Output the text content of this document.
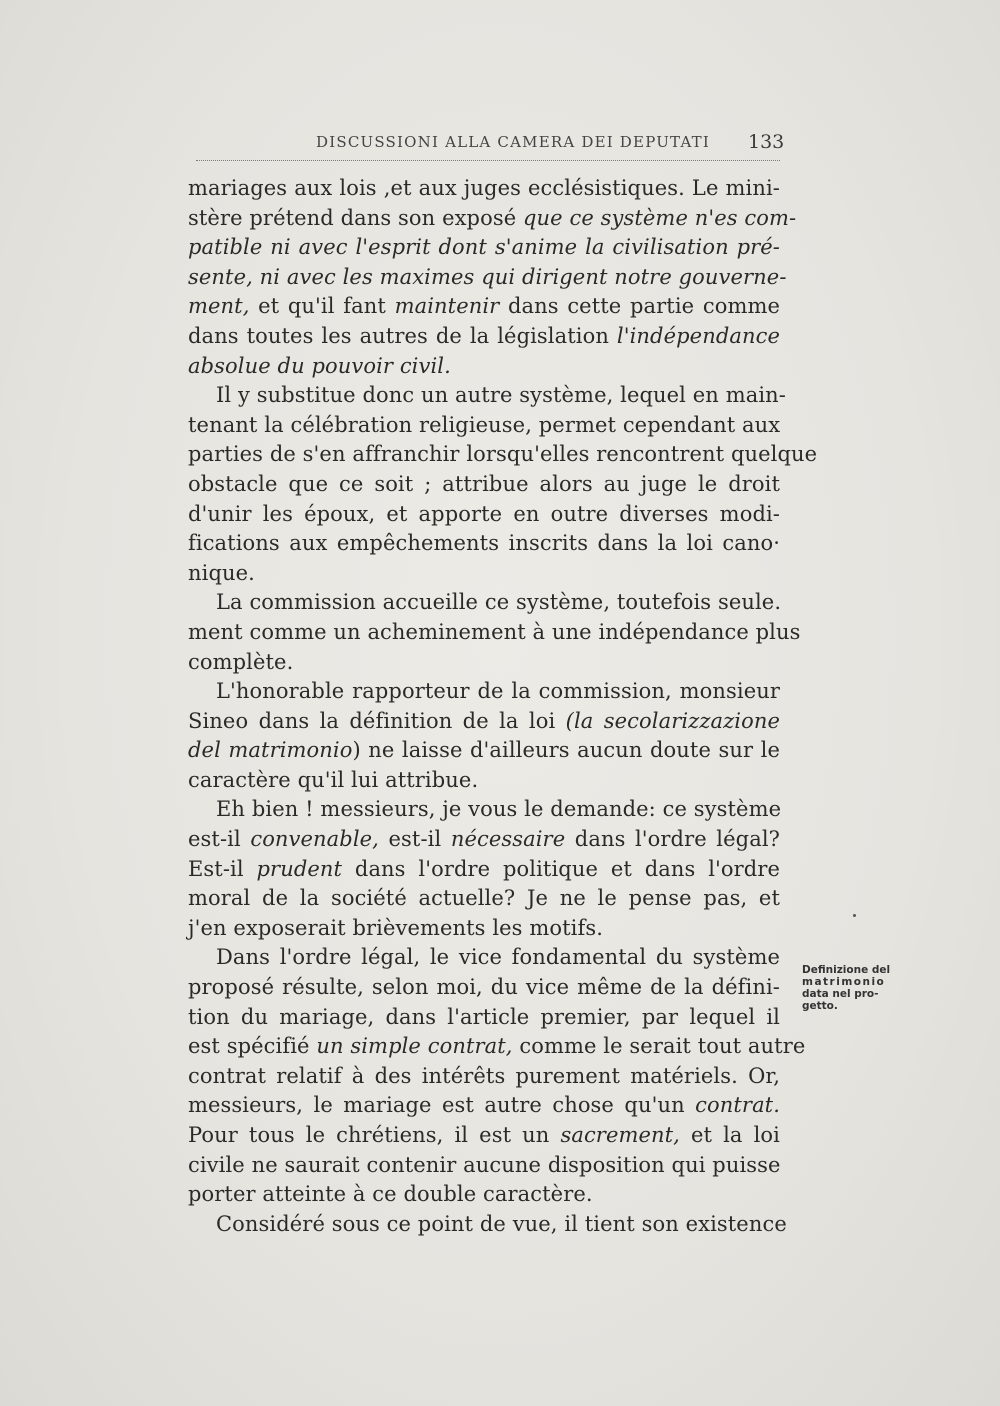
DISCUSSIONI ALLA CAMERA DEI DEPUTATI 133
mariages aux lois ,et aux juges ecclésistiques. Le mini-
stère prétend dans son exposé que ce système n'es com-
patible ni avec l'esprit dont s'anime la civilisation pré-
sente, ni avec les maximes qui dirigent notre gouverne-
ment, et qu'il fant maintenir dans cette partie comme
dans toutes les autres de la législation l'indépendance
absolue du pouvoir civil.
Il y substitue donc un autre système, lequel en main-
tenant la célébration religieuse, permet cependant aux
parties de s'en affranchir lorsqu'elles rencontrent quelque
obstacle que ce soit ; attribue alors au juge le droit
d'unir les époux, et apporte en outre diverses modi-
fications aux empêchements inscrits dans la loi cano·
nique.
La commission accueille ce système, toutefois seule.
ment comme un acheminement à une indépendance plus
complète.
L'honorable rapporteur de la commission, monsieur
Sineo dans la définition de la loi (la secolarizzazione
del matrimonio) ne laisse d'ailleurs aucun doute sur le
caractère qu'il lui attribue.
Eh bien ! messieurs, je vous le demande: ce système
est-il convenable, est-il nécessaire dans l'ordre légal?
Est-il prudent dans l'ordre politique et dans l'ordre
moral de la société actuelle? Je ne le pense pas, et
j'en exposerait brièvements les motifs.
Dans l'ordre légal, le vice fondamental du système
proposé résulte, selon moi, du vice même de la défini-
tion du mariage, dans l'article premier, par lequel il
est spécifié un simple contrat, comme le serait tout autre
contrat relatif à des intérêts purement matériels. Or,
messieurs, le mariage est autre chose qu'un contrat.
Pour tous le chrétiens, il est un sacrement, et la loi
civile ne saurait contenir aucune disposition qui puisse
porter atteinte à ce double caractère.
Considéré sous ce point de vue, il tient son existence
Definizione del
matrimonio
data nel pro-
getto.
